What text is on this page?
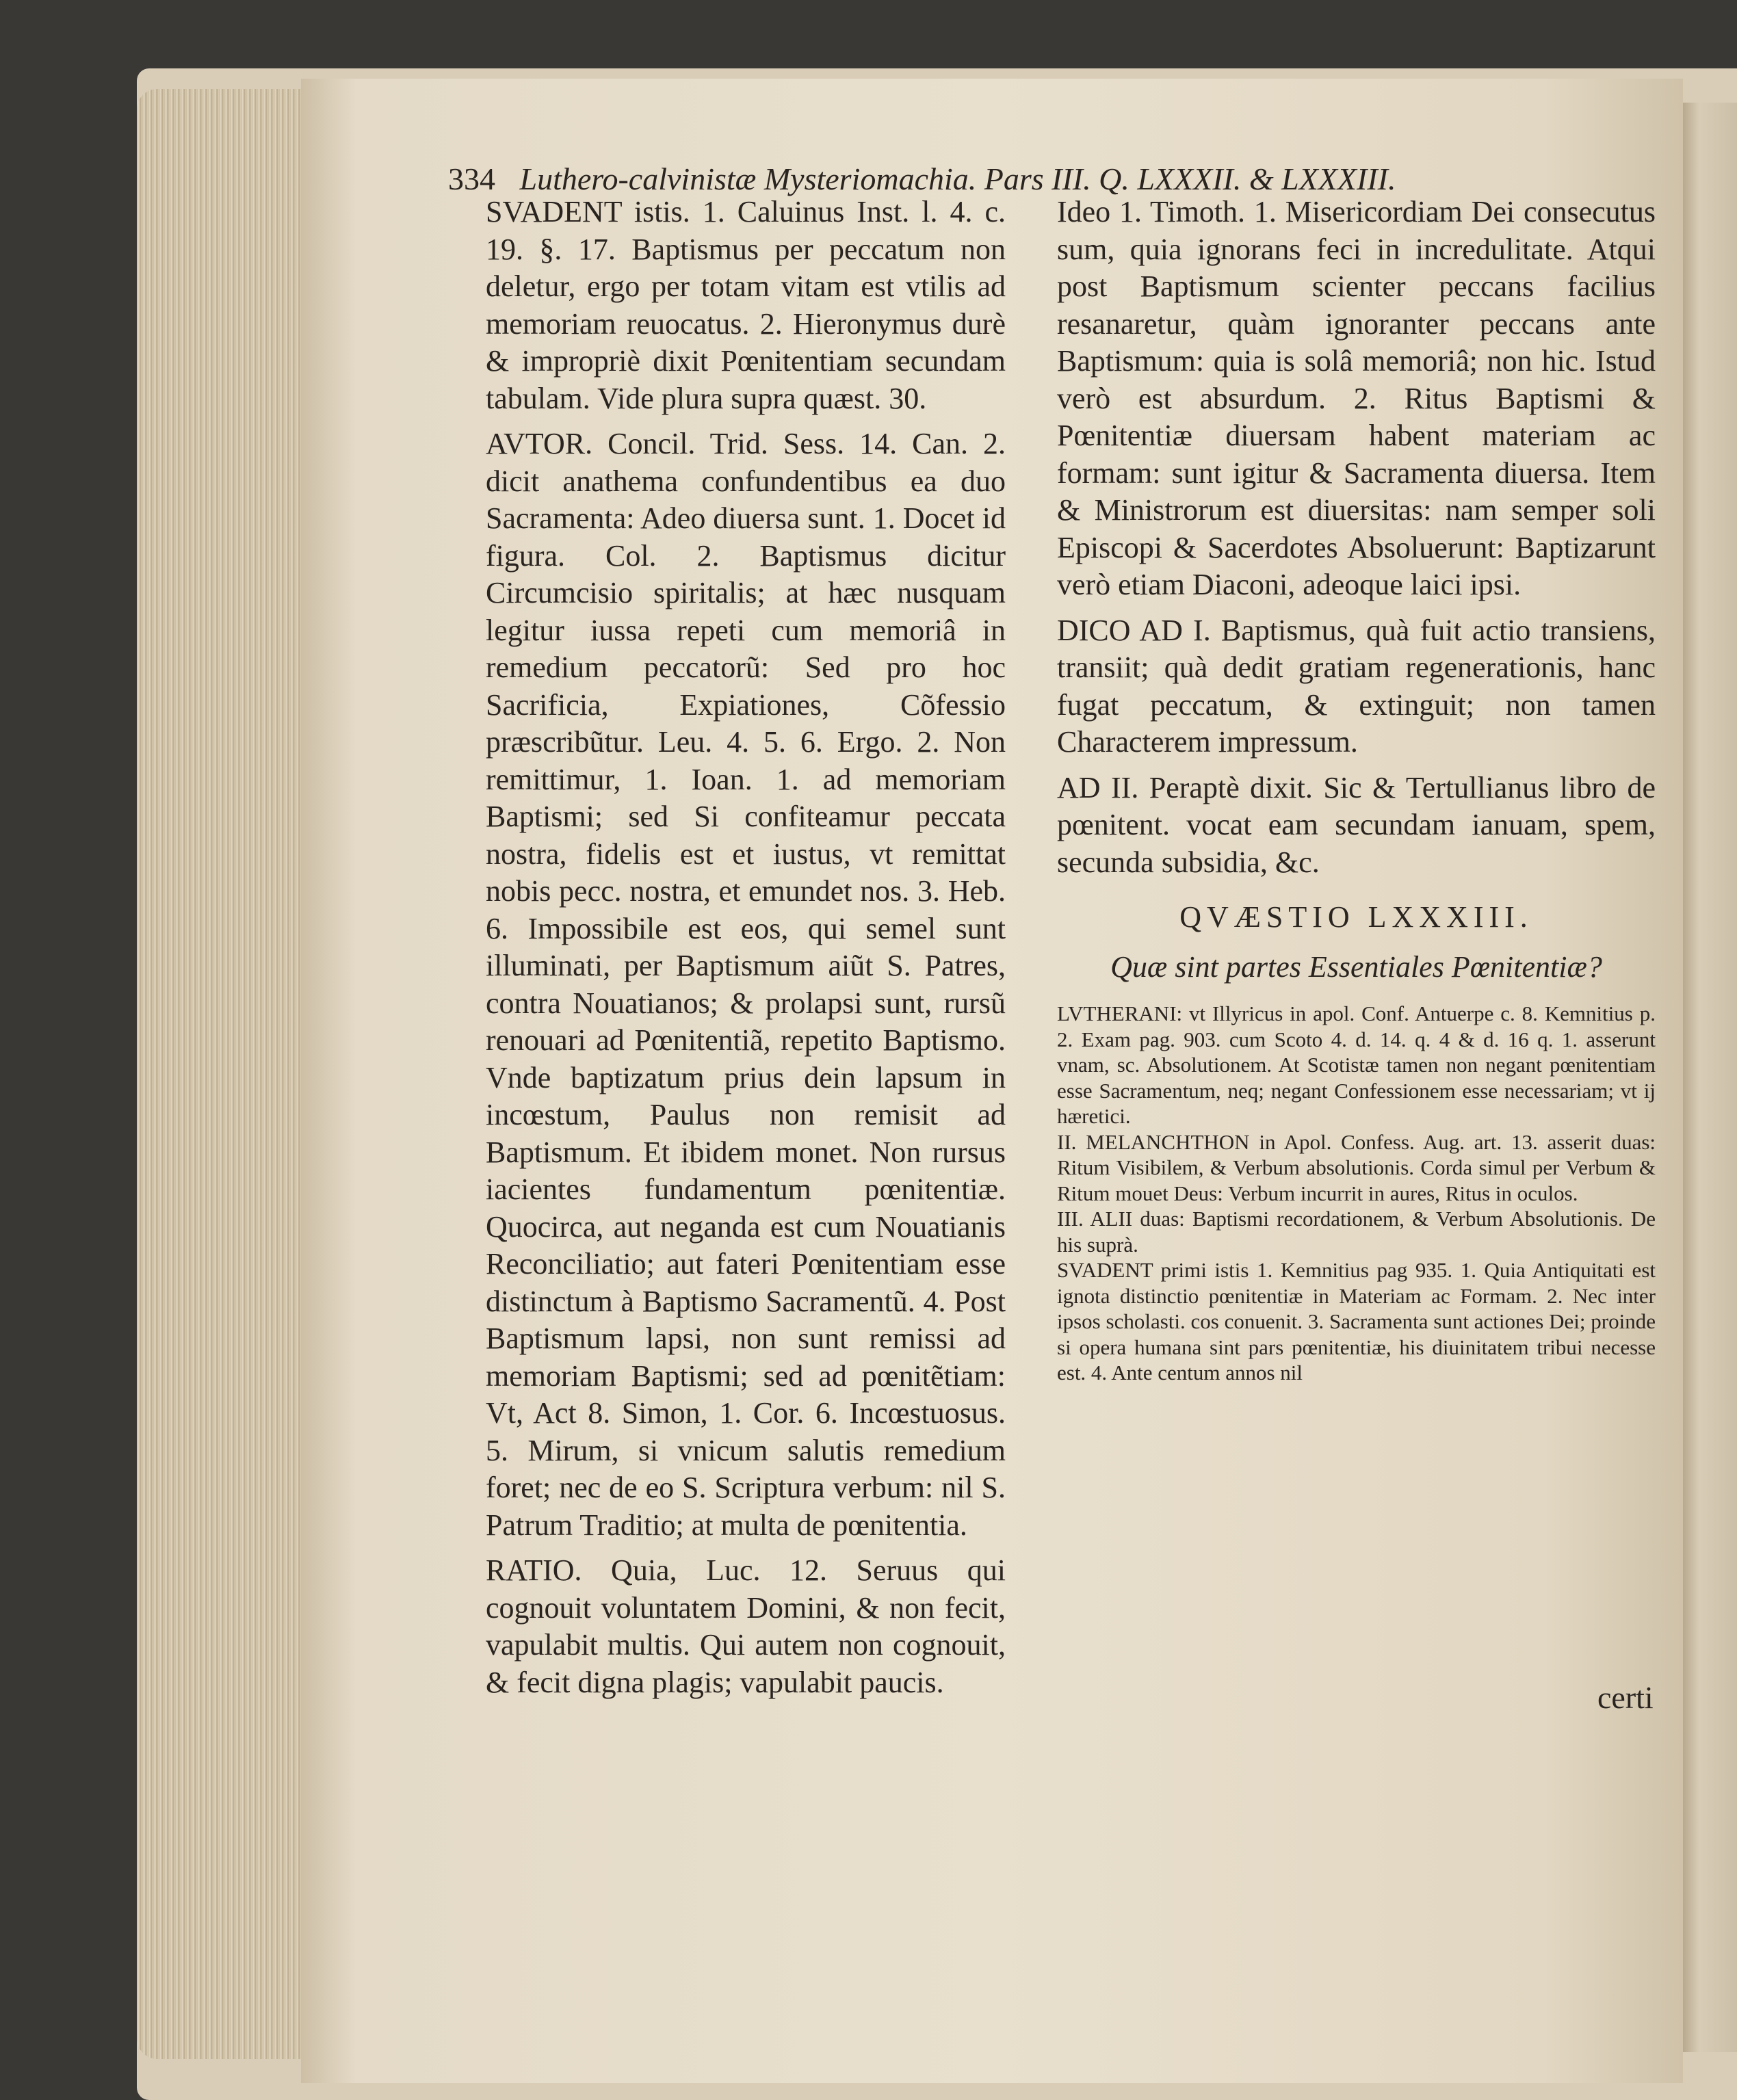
334 Luthero-calvinistæ Mysteriomachia. Pars III. Q. LXXXII. & LXXXIII.

SVADENT istis. 1. Caluinus Inst. l. 4. c. 19. §. 17. Baptismus per peccatum non deletur, ergo per totam vitam est vtilis ad memoriam reuocatus. 2. Hieronymus durè & impropriè dixit Pœnitentiam secundam tabulam. Vide plura supra quæst. 30.

AVTOR. Concil. Trid. Sess. 14. Can. 2. dicit anathema confundentibus ea duo Sacramenta: Adeo diuersa sunt. 1. Docet id figura. Col. 2. Baptismus dicitur Circumcisio spiritalis; at hæc nusquam legitur iussa repeti cum memoriâ in remedium peccatorũ: Sed pro hoc Sacrificia, Expiationes, Cõfessio præscribũtur. Leu. 4. 5. 6. Ergo. 2. Non remittimur, 1. Ioan. 1. ad memoriam Baptismi; sed Si confiteamur peccata nostra, fidelis est et iustus, vt remittat nobis pecc. nostra, et emundet nos. 3. Heb. 6. Impossibile est eos, qui semel sunt illuminati, per Baptismum aiũt S. Patres, contra Nouatianos; & prolapsi sunt, rursũ renouari ad Pœnitentiã, repetito Baptismo. Vnde baptizatum prius dein lapsum in incœstum, Paulus non remisit ad Baptismum. Et ibidem monet. Non rursus iacientes fundamentum pœnitentiæ. Quocirca, aut neganda est cum Nouatianis Reconciliatio; aut fateri Pœnitentiam esse distinctum à Baptismo Sacramentũ. 4. Post Baptismum lapsi, non sunt remissi ad memoriam Baptismi; sed ad pœnitẽtiam: Vt, Act 8. Simon, 1. Cor. 6. Incœstuosus. 5. Mirum, si vnicum salutis remedium foret; nec de eo S. Scriptura verbum: nil S. Patrum Traditio; at multa de pœnitentia.

RATIO. Quia, Luc. 12. Seruus qui cognouit voluntatem Domini, & non fecit, vapulabit multis. Qui autem non cognouit, & fecit digna plagis; vapulabit paucis.

Ideo 1. Timoth. 1. Misericordiam Dei consecutus sum, quia ignorans feci in incredulitate. Atqui post Baptismum scienter peccans facilius resanaretur, quàm ignoranter peccans ante Baptismum: quia is solâ memoriâ; non hic. Istud verò est absurdum. 2. Ritus Baptismi & Pœnitentiæ diuersam habent materiam ac formam: sunt igitur & Sacramenta diuersa. Item & Ministrorum est diuersitas: nam semper soli Episcopi & Sacerdotes Absoluerunt: Baptizarunt verò etiam Diaconi, adeoque laici ipsi.

DICO AD I. Baptismus, quà fuit actio transiens, transiit; quà dedit gratiam regenerationis, hanc fugat peccatum, & extinguit; non tamen Characterem impressum.

AD II. Peraptè dixit. Sic & Tertullianus libro de pœnitent. vocat eam secundam ianuam, spem, secunda subsidia, &c.

QVÆSTIO LXXXIII.
Quæ sint partes Essentiales Pœnitentiæ?

LVTHERANI: vt Illyricus in apol. Conf. Antuerpe c. 8. Kemnitius p. 2. Exam pag. 903. cum Scoto 4. d. 14. q. 4 & d. 16 q. 1. asserunt vnam, sc. Absolutionem. At Scotistæ tamen non negant pœnitentiam esse Sacramentum, neq; negant Confessionem esse necessariam; vt ij hæretici.

II. MELANCHTHON in Apol. Confess. Aug. art. 13. asserit duas: Ritum Visibilem, & Verbum absolutionis. Corda simul per Verbum & Ritum mouet Deus: Verbum incurrit in aures, Ritus in oculos.

III. ALII duas: Baptismi recordationem, & Verbum Absolutionis. De his suprà.

SVADENT primi istis 1. Kemnitius pag 935. 1. Quia Antiquitati est ignota distinctio pœnitentiæ in Materiam ac Formam. 2. Nec inter ipsos scholasti. cos conuenit. 3. Sacramenta sunt actiones Dei; proinde si opera humana sint pars pœnitentiæ, his diuinitatem tribui necesse est. 4. Ante centum annos nil

certi
